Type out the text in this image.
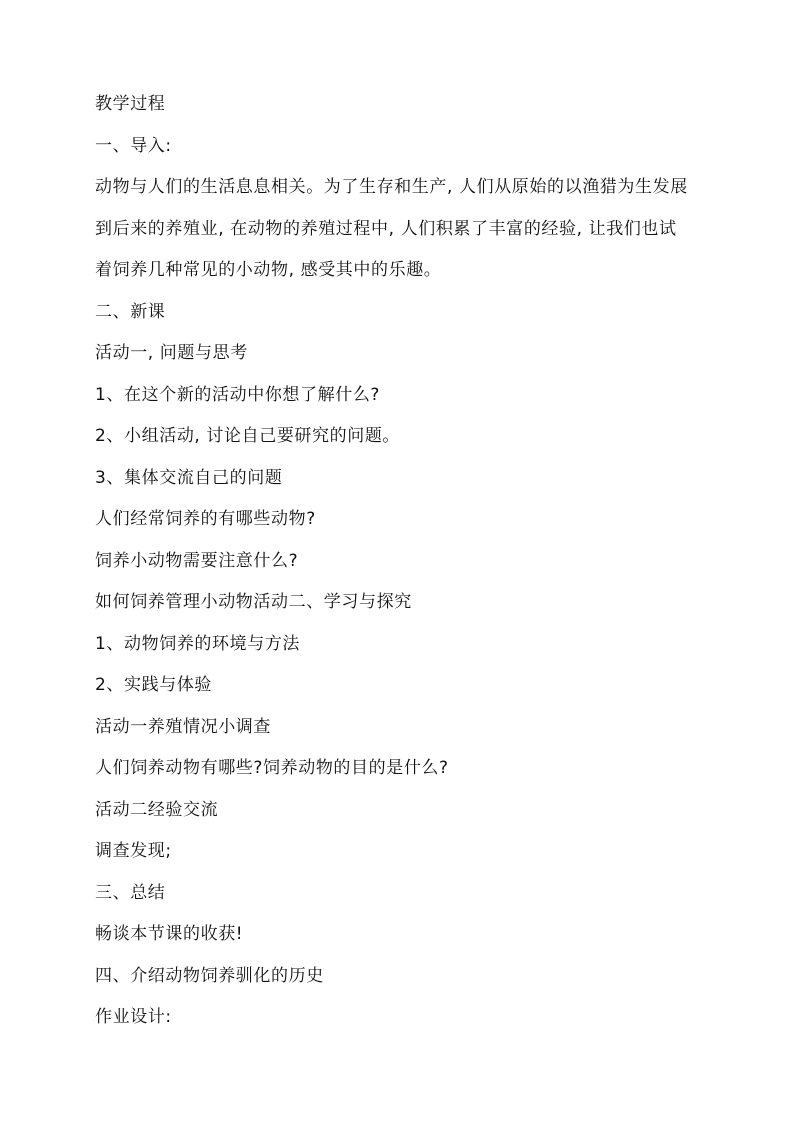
教学过程
一、导入:
动物与人们的生活息息相关。为了生存和生产, 人们从原始的以渔猎为生发展
到后来的养殖业, 在动物的养殖过程中, 人们积累了丰富的经验, 让我们也试
着饲养几种常见的小动物, 感受其中的乐趣。
二、新课
活动一, 问题与思考
1、在这个新的活动中你想了解什么?
2、小组活动, 讨论自己要研究的问题。
3、集体交流自己的问题
人们经常饲养的有哪些动物?
饲养小动物需要注意什么?
如何饲养管理小动物活动二、学习与探究
1、动物饲养的环境与方法
2、实践与体验
活动一养殖情况小调查
人们饲养动物有哪些?饲养动物的目的是什么?
活动二经验交流
调查发现;
三、总结
畅谈本节课的收获!
四、介绍动物饲养驯化的历史
作业设计:
